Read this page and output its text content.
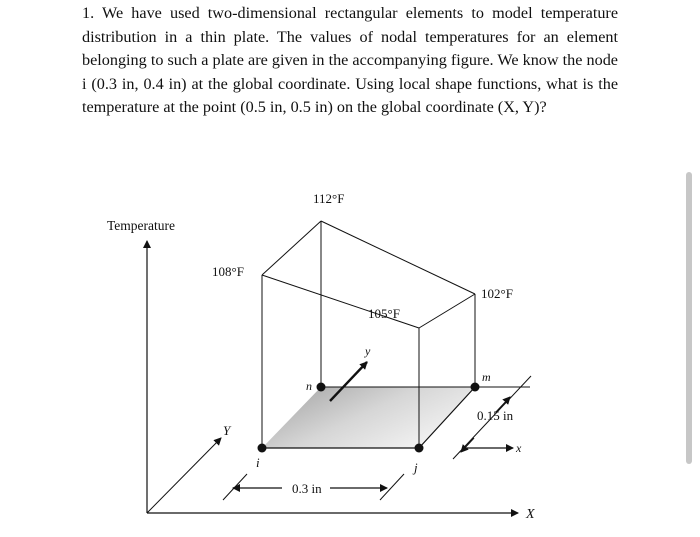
1. We have used two-dimensional rectangular elements to model temperature distribution in a thin plate. The values of nodal temperatures for an element belonging to such a plate are given in the accompanying figure. We know the node i (0.3 in, 0.4 in) at the global coordinate. Using local shape functions, what is the temperature at the point (0.5 in, 0.5 in) on the global coordinate (X, Y)?
Temperature
X
Y
x
y
i	j
m
n
112°F
108°F
102°F
105°F
0.3 in
0.15 in
